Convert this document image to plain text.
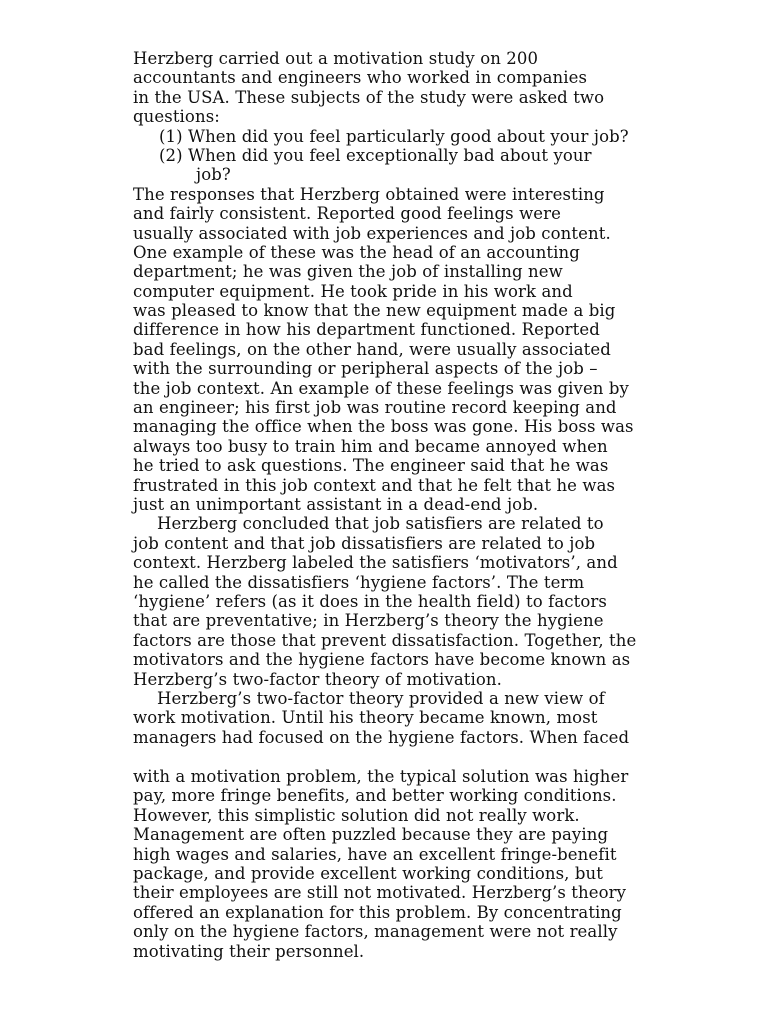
Herzberg carried out a motivation study on 200
accountants and engineers who worked in companies
in the USA. These subjects of the study were asked two
questions:
(1) When did you feel particularly good about your job?
(2) When did you feel exceptionally bad about your
job?
The responses that Herzberg obtained were interesting
and fairly consistent. Reported good feelings were
usually associated with job experiences and job content.
One example of these was the head of an accounting
department; he was given the job of installing new
computer equipment. He took pride in his work and
was pleased to know that the new equipment made a big
difference in how his department functioned. Reported
bad feelings, on the other hand, were usually associated
with the surrounding or peripheral aspects of the job –
the job context. An example of these feelings was given by
an engineer; his first job was routine record keeping and
managing the office when the boss was gone. His boss was
always too busy to train him and became annoyed when
he tried to ask questions. The engineer said that he was
frustrated in this job context and that he felt that he was
just an unimportant assistant in a dead-end job.
Herzberg concluded that job satisfiers are related to
job content and that job dissatisfiers are related to job
context. Herzberg labeled the satisfiers ‘motivators’, and
he called the dissatisfiers ‘hygiene factors’. The term
‘hygiene’ refers (as it does in the health field) to factors
that are preventative; in Herzberg’s theory the hygiene
factors are those that prevent dissatisfaction. Together, the
motivators and the hygiene factors have become known as
Herzberg’s two-factor theory of motivation.
Herzberg’s two-factor theory provided a new view of
work motivation. Until his theory became known, most
managers had focused on the hygiene factors. When faced
with a motivation problem, the typical solution was higher
pay, more fringe benefits, and better working conditions.
However, this simplistic solution did not really work.
Management are often puzzled because they are paying
high wages and salaries, have an excellent fringe-benefit
package, and provide excellent working conditions, but
their employees are still not motivated. Herzberg’s theory
offered an explanation for this problem. By concentrating
only on the hygiene factors, management were not really
motivating their personnel.
